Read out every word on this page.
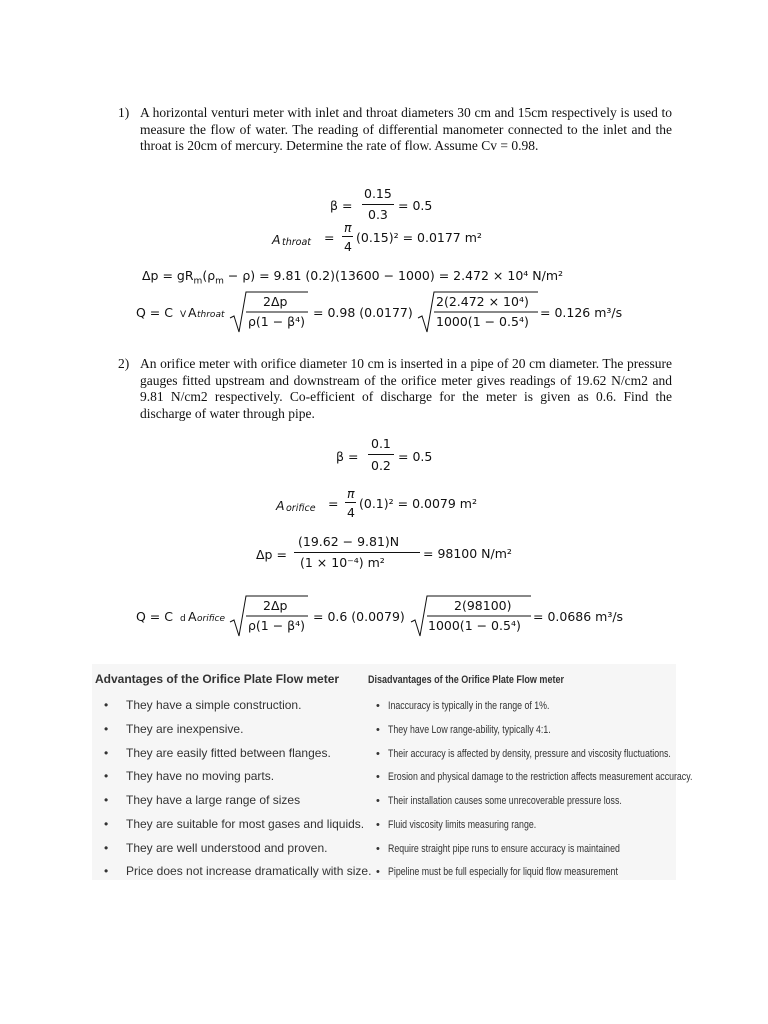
1) A horizontal venturi meter with inlet and throat diameters 30 cm and 15cm respectively is used to measure the flow of water. The reading of differential manometer connected to the inlet and the throat is 20cm of mercury. Determine the rate of flow. Assume Cv = 0.98.
β =
0.15
0.3
= 0.5
A throat =
π
4
(0.15)² = 0.0177 m²
$\Delta p = gR_m(\rho_m - \rho) = 9.81$ (0.2)(13600 − 1000) = 2.472 × 10⁴ N/m²
Q = C V A throat
2Δp
ρ(1 − β⁴)
= 0.98 (0.0177)
2(2.472 × 10⁴)
1000(1 − 0.5⁴)
= 0.126 m³/s
2) An orifice meter with orifice diameter 10 cm is inserted in a pipe of 20 cm diameter. The pressure gauges fitted upstream and downstream of the orifice meter gives readings of 19.62 N/cm2 and 9.81 N/cm2 respectively. Co-efficient of discharge for the meter is given as 0.6. Find the discharge of water through pipe.
β =
0.1
0.2
= 0.5
A orifice =
π
4
(0.1)² = 0.0079 m²
Δp =
(19.62 − 9.81)N
(1 × 10⁻⁴) m²
= 98100 N/m²
Q = C d A orifice
2Δp
ρ(1 − β⁴)
= 0.6 (0.0079)
2(98100)
1000(1 − 0.5⁴)
= 0.0686 m³/s
Advantages of the Orifice Plate Flow meter
• They have a simple construction.
• They are inexpensive.
• They are easily fitted between flanges.
• They have no moving parts.
• They have a large range of sizes
• They are suitable for most gases and liquids.
• They are well understood and proven.
• Price does not increase dramatically with size.
Disadvantages of the Orifice Plate Flow meter
• Inaccuracy is typically in the range of 1%.
• They have Low range-ability, typically 4:1.
• Their accuracy is affected by density, pressure and viscosity fluctuations.
• Erosion and physical damage to the restriction affects measurement accuracy.
• Their installation causes some unrecoverable pressure loss.
• Fluid viscosity limits measuring range.
• Require straight pipe runs to ensure accuracy is maintained
• Pipeline must be full especially for liquid flow measurement
